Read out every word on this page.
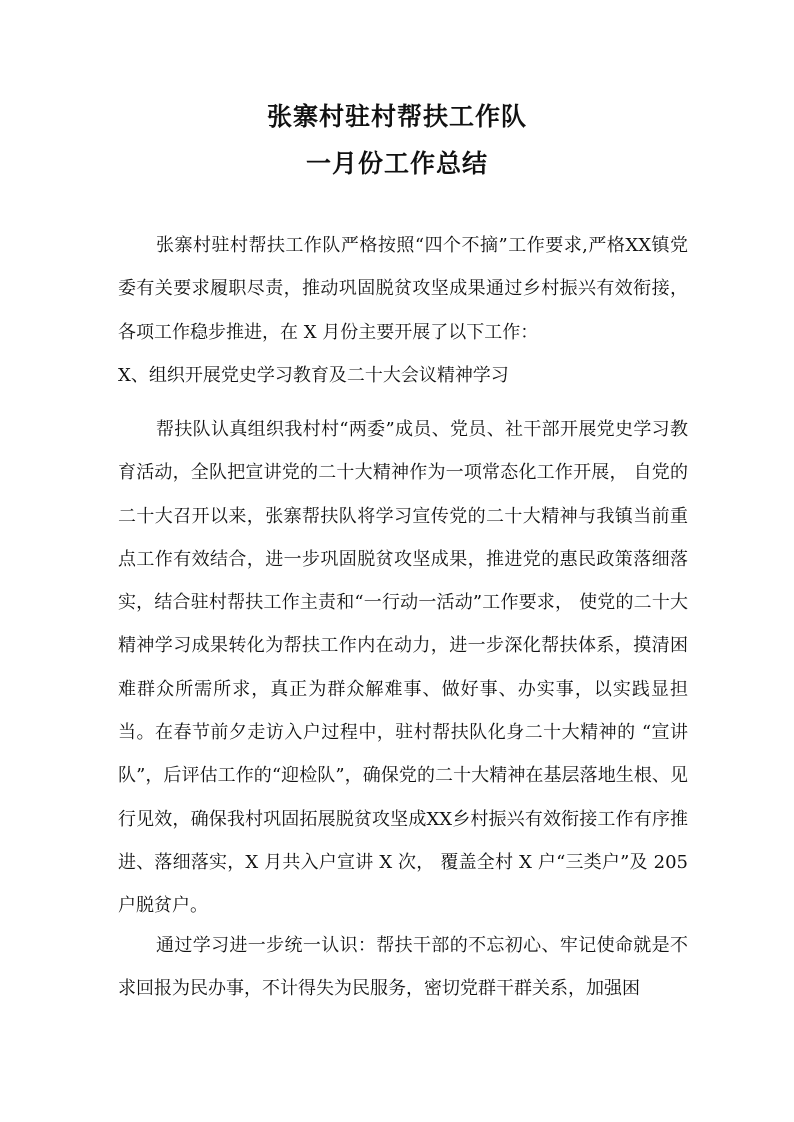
张寨村驻村帮扶工作队
一月份工作总结

张寨村驻村帮扶工作队严格按照“四个不摘”工作要求,严格XX镇党委有关要求履职尽责，推动巩固脱贫攻坚成果通过乡村振兴有效衔接，各项工作稳步推进，在 X 月份主要开展了以下工作：

X、组织开展党史学习教育及二十大会议精神学习

帮扶队认真组织我村村“两委”成员、党员、社干部开展党史学习教育活动，全队把宣讲党的二十大精神作为一项常态化工作开展， 自党的二十大召开以来，张寨帮扶队将学习宣传党的二十大精神与我镇当前重点工作有效结合，进一步巩固脱贫攻坚成果，推进党的惠民政策落细落实，结合驻村帮扶工作主责和“一行动一活动”工作要求， 使党的二十大精神学习成果转化为帮扶工作内在动力，进一步深化帮扶体系，摸清困难群众所需所求，真正为群众解难事、做好事、办实事，以实践显担当。在春节前夕走访入户过程中，驻村帮扶队化身二十大精神的 “宣讲队”，后评估工作的“迎检队”，确保党的二十大精神在基层落地生根、见行见效，确保我村巩固拓展脱贫攻坚成XX乡村振兴有效衔接工作有序推进、落细落实，X 月共入户宣讲 X 次， 覆盖全村 X 户“三类户”及 205 户脱贫户。

通过学习进一步统一认识：帮扶干部的不忘初心、牢记使命就是不求回报为民办事，不计得失为民服务，密切党群干群关系，加强困
